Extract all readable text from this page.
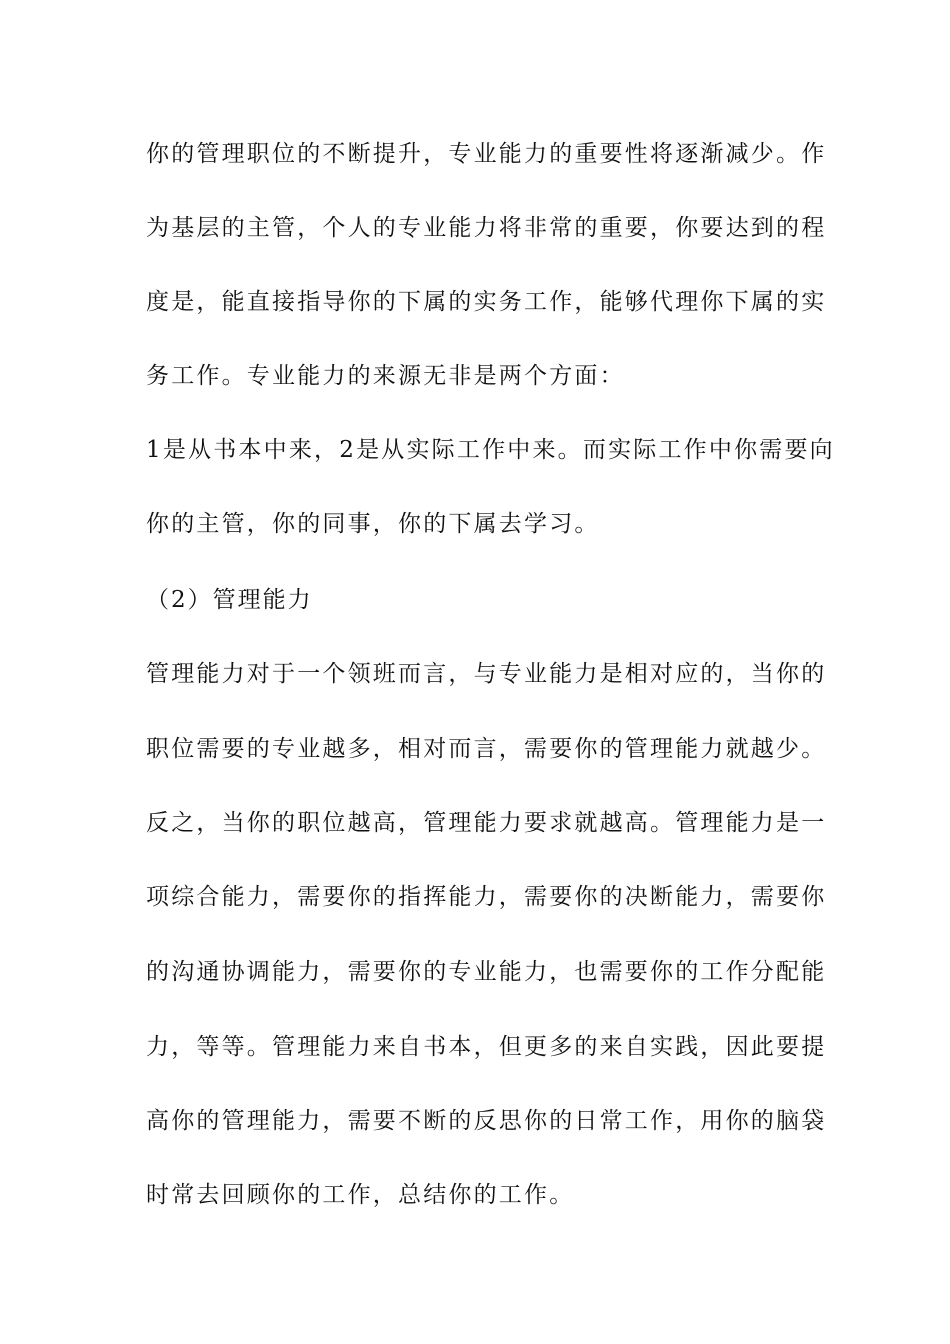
你的管理职位的不断提升，专业能力的重要性将逐渐减少。作
为基层的主管，个人的专业能力将非常的重要，你要达到的程
度是，能直接指导你的下属的实务工作，能够代理你下属的实
务工作。专业能力的来源无非是两个方面：
1是从书本中来，2是从实际工作中来。而实际工作中你需要向
你的主管，你的同事，你的下属去学习。
（2）管理能力
管理能力对于一个领班而言，与专业能力是相对应的，当你的
职位需要的专业越多，相对而言，需要你的管理能力就越少。
反之，当你的职位越高，管理能力要求就越高。管理能力是一
项综合能力，需要你的指挥能力，需要你的决断能力，需要你
的沟通协调能力，需要你的专业能力，也需要你的工作分配能
力，等等。管理能力来自书本，但更多的来自实践，因此要提
高你的管理能力，需要不断的反思你的日常工作，用你的脑袋
时常去回顾你的工作，总结你的工作。
